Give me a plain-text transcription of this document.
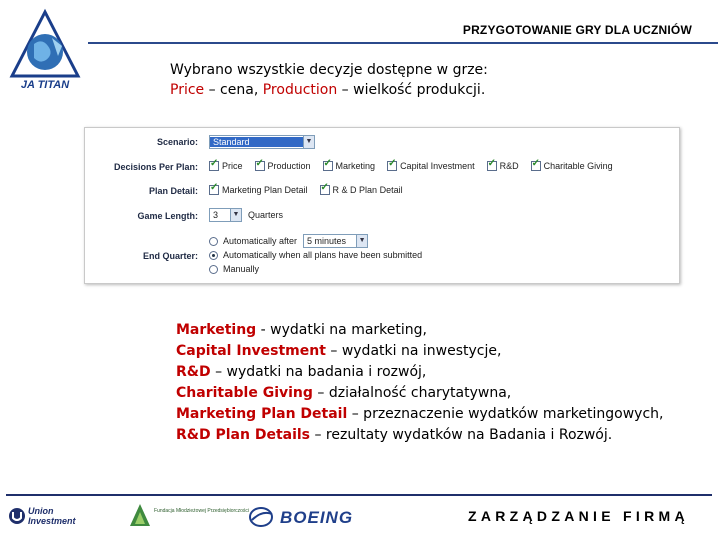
JA TITAN
PRZYGOTOWANIE GRY DLA UCZNIÓW
Wybrano wszystkie decyzje dostępne w grze:
Price – cena, Production – wielkość produkcji.
Scenario:	Standard	▼
Decisions Per Plan: ✓	Price ✓	Production ✓	Marketing ✓	Capital Investment ✓	R&D ✓	Charitable Giving
Plan Detail: ✓	Marketing Plan Detail ✓	R & D Plan Detail
Game Length:	3	▼ Quarters
End Quarter:
Automatically after	5 minutes	▼
Automatically when all plans have been submitted
Manually
Marketing - wydatki na marketing,
Capital Investment – wydatki na inwestycje,
R&D – wydatki na badania i rozwój,
Charitable Giving – działalność charytatywna,
Marketing Plan Detail – przeznaczenie wydatków marketingowych,
R&D Plan Details – rezultaty wydatków na Badania i Rozwój.
Union
Investment
Fundacja Młodzieżowej Przedsiębiorczości BOEING	ZARZĄDZANIE FIRMĄ
